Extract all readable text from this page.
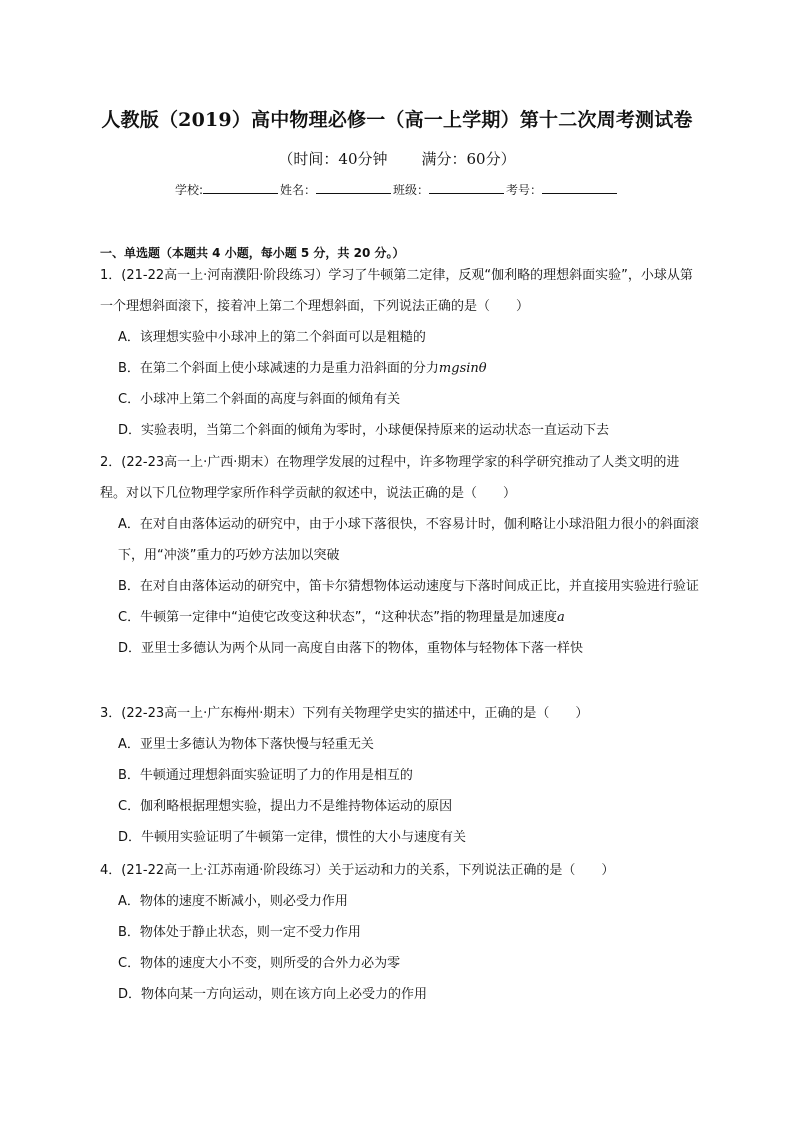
人教版（2019）高中物理必修一（高一上学期）第十二次周考测试卷
（时间：40分钟 满分：60分）
学校:	姓名：	班级：	考号：
一、单选题（本题共 4 小题，每小题 5 分，共 20 分。）
1．(21-22高一上·河南濮阳·阶段练习）学习了牛顿第二定律，反观“伽利略的理想斜面实验”，小球从第一个理想斜面滚下，接着冲上第二个理想斜面，下列说法正确的是（　　）
A．该理想实验中小球冲上的第二个斜面可以是粗糙的
B．在第二个斜面上使小球减速的力是重力沿斜面的分力mgsinθ
C．小球冲上第二个斜面的高度与斜面的倾角有关
D．实验表明，当第二个斜面的倾角为零时，小球便保持原来的运动状态一直运动下去
2．(22-23高一上·广西·期末）在物理学发展的过程中，许多物理学家的科学研究推动了人类文明的进程。对以下几位物理学家所作科学贡献的叙述中，说法正确的是（　　）
A．在对自由落体运动的研究中，由于小球下落很快，不容易计时，伽利略让小球沿阻力很小的斜面滚下，用“冲淡”重力的巧妙方法加以突破
B．在对自由落体运动的研究中，笛卡尔猜想物体运动速度与下落时间成正比，并直接用实验进行验证
C．牛顿第一定律中“迫使它改变这种状态”，“这种状态”指的物理量是加速度a
D．亚里士多德认为两个从同一高度自由落下的物体，重物体与轻物体下落一样快
3．(22-23高一上·广东梅州·期末）下列有关物理学史实的描述中，正确的是（　　）
A．亚里士多德认为物体下落快慢与轻重无关
B．牛顿通过理想斜面实验证明了力的作用是相互的
C．伽利略根据理想实验，提出力不是维持物体运动的原因
D．牛顿用实验证明了牛顿第一定律，惯性的大小与速度有关
4．(21-22高一上·江苏南通·阶段练习）关于运动和力的关系，下列说法正确的是（　　）
A．物体的速度不断减小，则必受力作用
B．物体处于静止状态，则一定不受力作用
C．物体的速度大小不变，则所受的合外力必为零
D．物体向某一方向运动，则在该方向上必受力的作用
